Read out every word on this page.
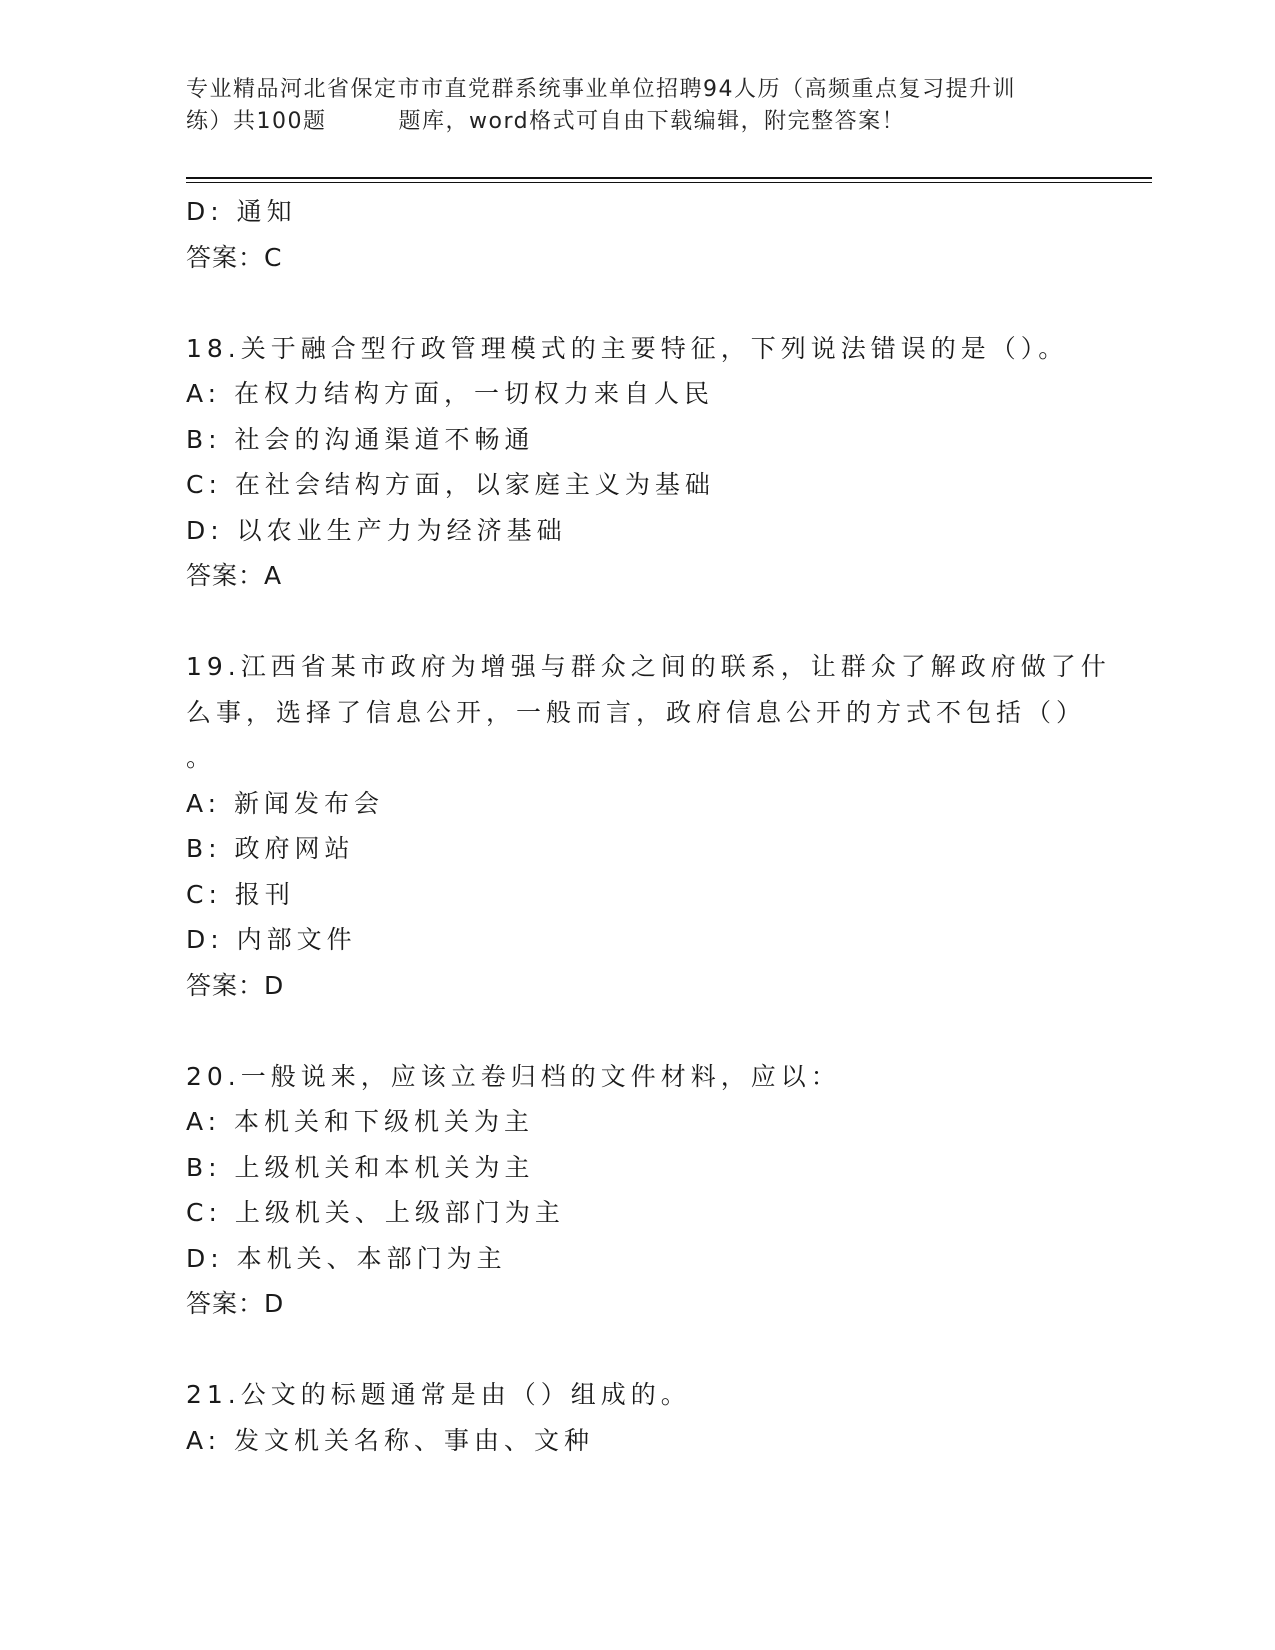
专业精品河北省保定市市直党群系统事业单位招聘94人历（高频重点复习提升训
练）共100题	题库，word格式可自由下载编辑，附完整答案！
D: 通知
答案：C
18.关于融合型行政管理模式的主要特征，下列说法错误的是（）。
A: 在权力结构方面，一切权力来自人民
B: 社会的沟通渠道不畅通
C: 在社会结构方面，以家庭主义为基础
D: 以农业生产力为经济基础
答案：A
19.江西省某市政府为增强与群众之间的联系，让群众了解政府做了什
么事，选择了信息公开，一般而言，政府信息公开的方式不包括（）
。
A: 新闻发布会
B: 政府网站
C: 报刊
D: 内部文件
答案：D
20.一般说来，应该立卷归档的文件材料，应以：
A: 本机关和下级机关为主
B: 上级机关和本机关为主
C: 上级机关、上级部门为主
D: 本机关、本部门为主
答案：D
21.公文的标题通常是由（）组成的。
A: 发文机关名称、事由、文种
